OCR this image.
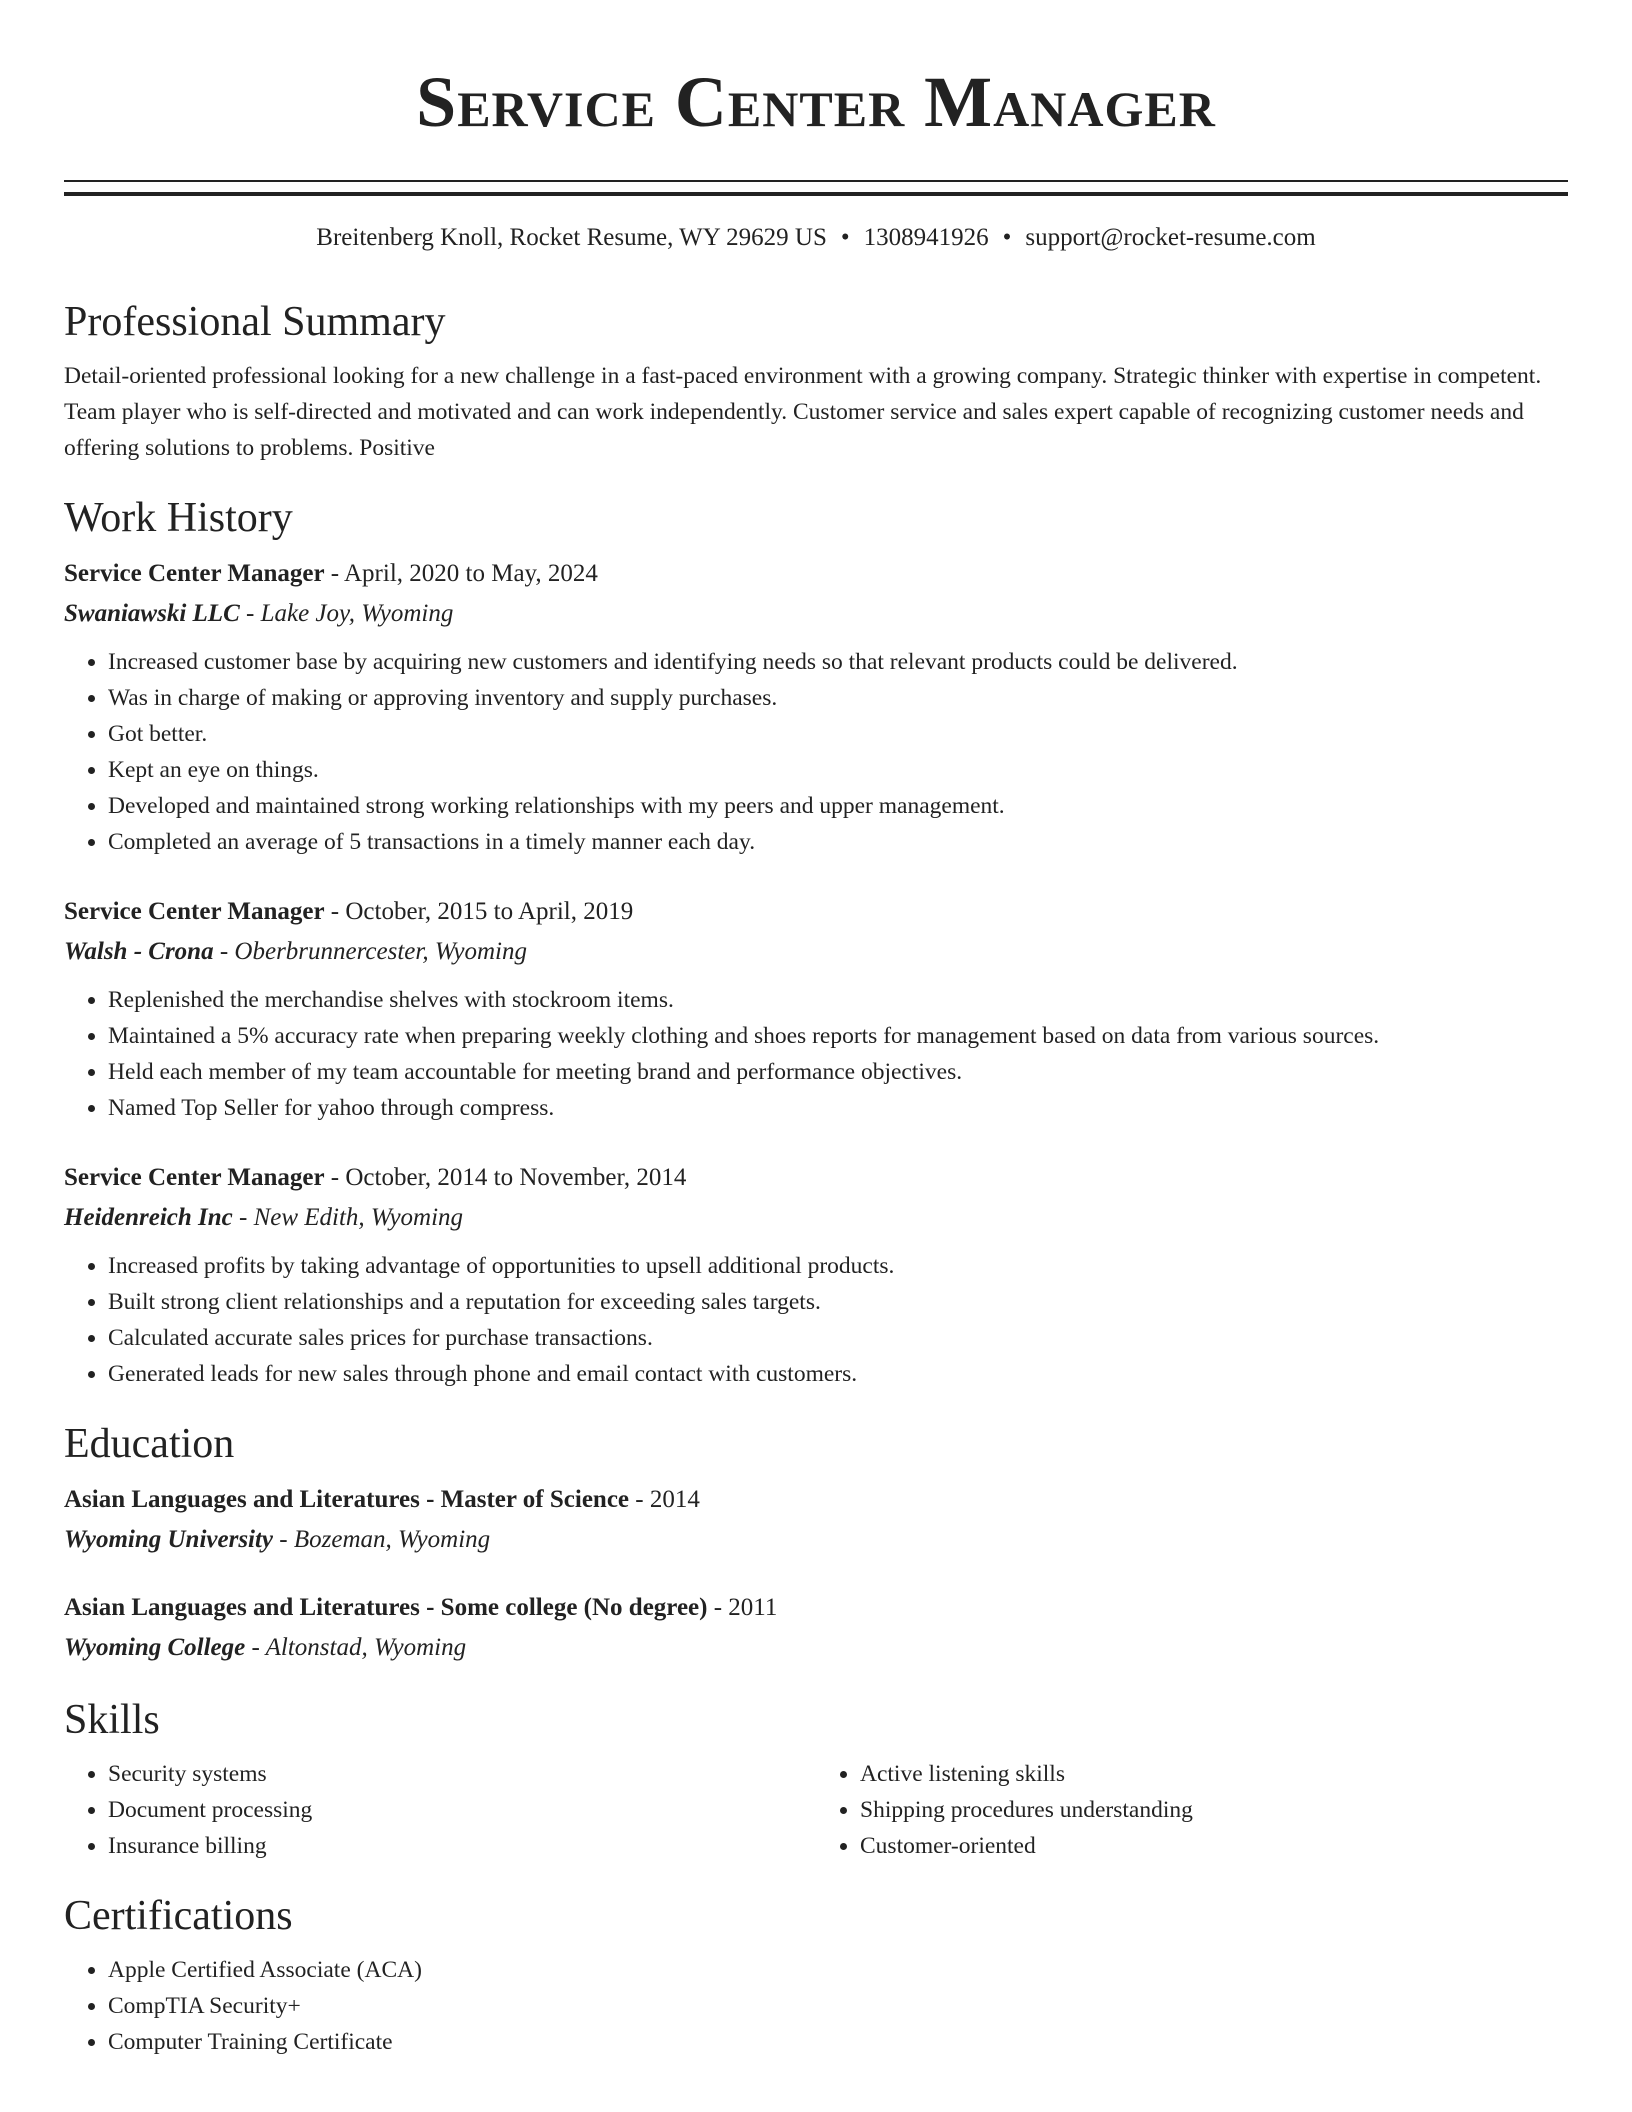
Service Center Manager
Breitenberg Knoll, Rocket Resume, WY 29629 US • 1308941926 • support@rocket-resume.com
Professional Summary

Detail-oriented professional looking for a new challenge in a fast-paced environment with a growing company. Strategic thinker with expertise in competent. Team player who is self-directed and motivated and can work independently. Customer service and sales expert capable of recognizing customer needs and offering solutions to problems. Positive

Work History

Service Center Manager - April, 2020 to May, 2024

Swaniawski LLC - Lake Joy, Wyoming

• Increased customer base by acquiring new customers and identifying needs so that relevant products could be delivered.
• Was in charge of making or approving inventory and supply purchases.
• Got better.
• Kept an eye on things.
• Developed and maintained strong working relationships with my peers and upper management.
• Completed an average of 5 transactions in a timely manner each day.

Service Center Manager - October, 2015 to April, 2019

Walsh - Crona - Oberbrunnercester, Wyoming

• Replenished the merchandise shelves with stockroom items.
• Maintained a 5% accuracy rate when preparing weekly clothing and shoes reports for management based on data from various sources.
• Held each member of my team accountable for meeting brand and performance objectives.
• Named Top Seller for yahoo through compress.

Service Center Manager - October, 2014 to November, 2014

Heidenreich Inc - New Edith, Wyoming

• Increased profits by taking advantage of opportunities to upsell additional products.
• Built strong client relationships and a reputation for exceeding sales targets.
• Calculated accurate sales prices for purchase transactions.
• Generated leads for new sales through phone and email contact with customers.
Education

Asian Languages and Literatures - Master of Science - 2014

Wyoming University - Bozeman, Wyoming

Asian Languages and Literatures - Some college (No degree) - 2011

Wyoming College - Altonstad, Wyoming

Skills
• Security systems
• Document processing
• Insurance billing
• Active listening skills
• Shipping procedures understanding
• Customer-oriented
Certifications
• Apple Certified Associate (ACA)
• CompTIA Security+
• Computer Training Certificate
